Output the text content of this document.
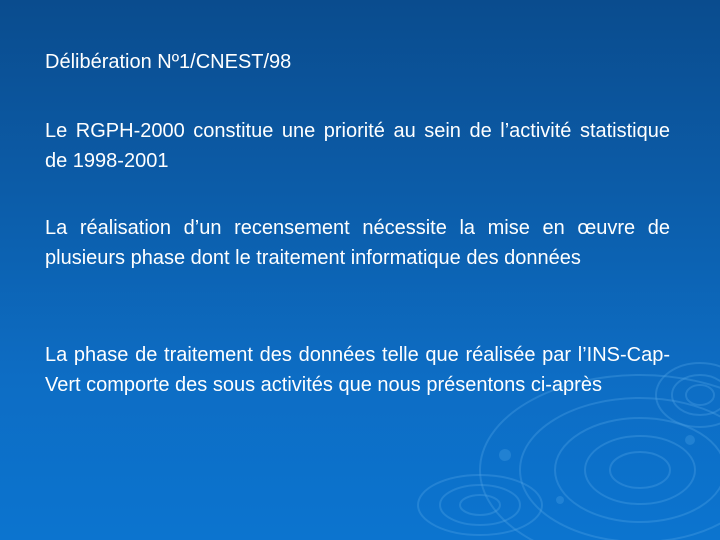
Délibération Nº1/CNEST/98

Le RGPH-2000 constitue une priorité au sein de l’activité statistique de 1998-2001

La réalisation d’un recensement nécessite la mise en œuvre de plusieurs phase dont le traitement informatique des données

La phase de traitement des données telle que réalisée par l’INS-Cap- Vert comporte des sous activités que nous présentons ci-après
